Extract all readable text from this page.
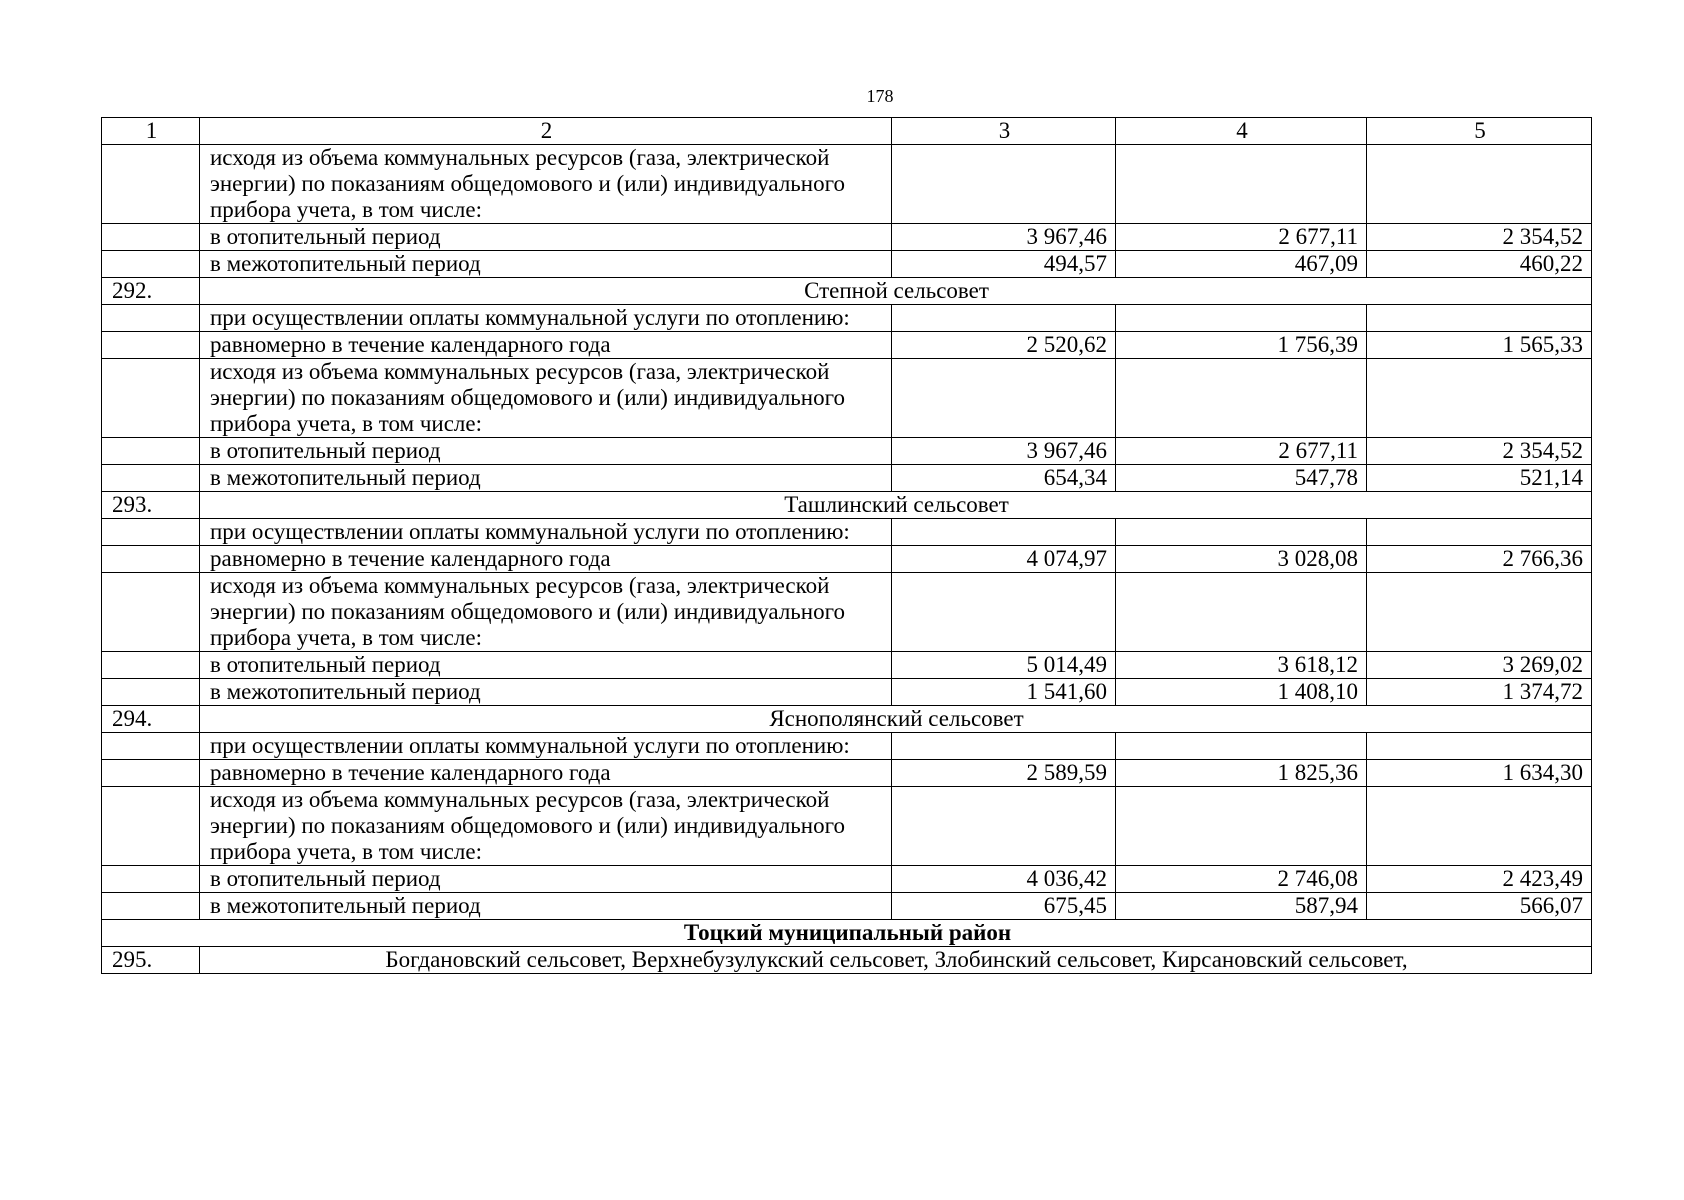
178
1	2	3	4	5
	исходя из объема коммунальных ресурсов (газа, электрической энергии) по показаниям общедомового и (или) индивидуального прибора учета, в том числе:			
	в отопительный период	3 967,46	2 677,11	2 354,52
	в межотопительный период	494,57	467,09	460,22
292.	Степной сельсовет			
	при осуществлении оплаты коммунальной услуги по отоплению:			
	равномерно в течение календарного года	2 520,62	1 756,39	1 565,33
	исходя из объема коммунальных ресурсов (газа, электрической энергии) по показаниям общедомового и (или) индивидуального прибора учета, в том числе:			
	в отопительный период	3 967,46	2 677,11	2 354,52
	в межотопительный период	654,34	547,78	521,14
293.	Ташлинский сельсовет			
	при осуществлении оплаты коммунальной услуги по отоплению:			
	равномерно в течение календарного года	4 074,97	3 028,08	2 766,36
	исходя из объема коммунальных ресурсов (газа, электрической энергии) по показаниям общедомового и (или) индивидуального прибора учета, в том числе:			
	в отопительный период	5 014,49	3 618,12	3 269,02
	в межотопительный период	1 541,60	1 408,10	1 374,72
294.	Яснополянский сельсовет			
	при осуществлении оплаты коммунальной услуги по отоплению:			
	равномерно в течение календарного года	2 589,59	1 825,36	1 634,30
	исходя из объема коммунальных ресурсов (газа, электрической энергии) по показаниям общедомового и (или) индивидуального прибора учета, в том числе:			
	в отопительный период	4 036,42	2 746,08	2 423,49
	в межотопительный период	675,45	587,94	566,07
Тоцкий муниципальный район				
295.	Богдановский сельсовет, Верхнебузулукский сельсовет, Злобинский сельсовет, Кирсановский сельсовет,			
